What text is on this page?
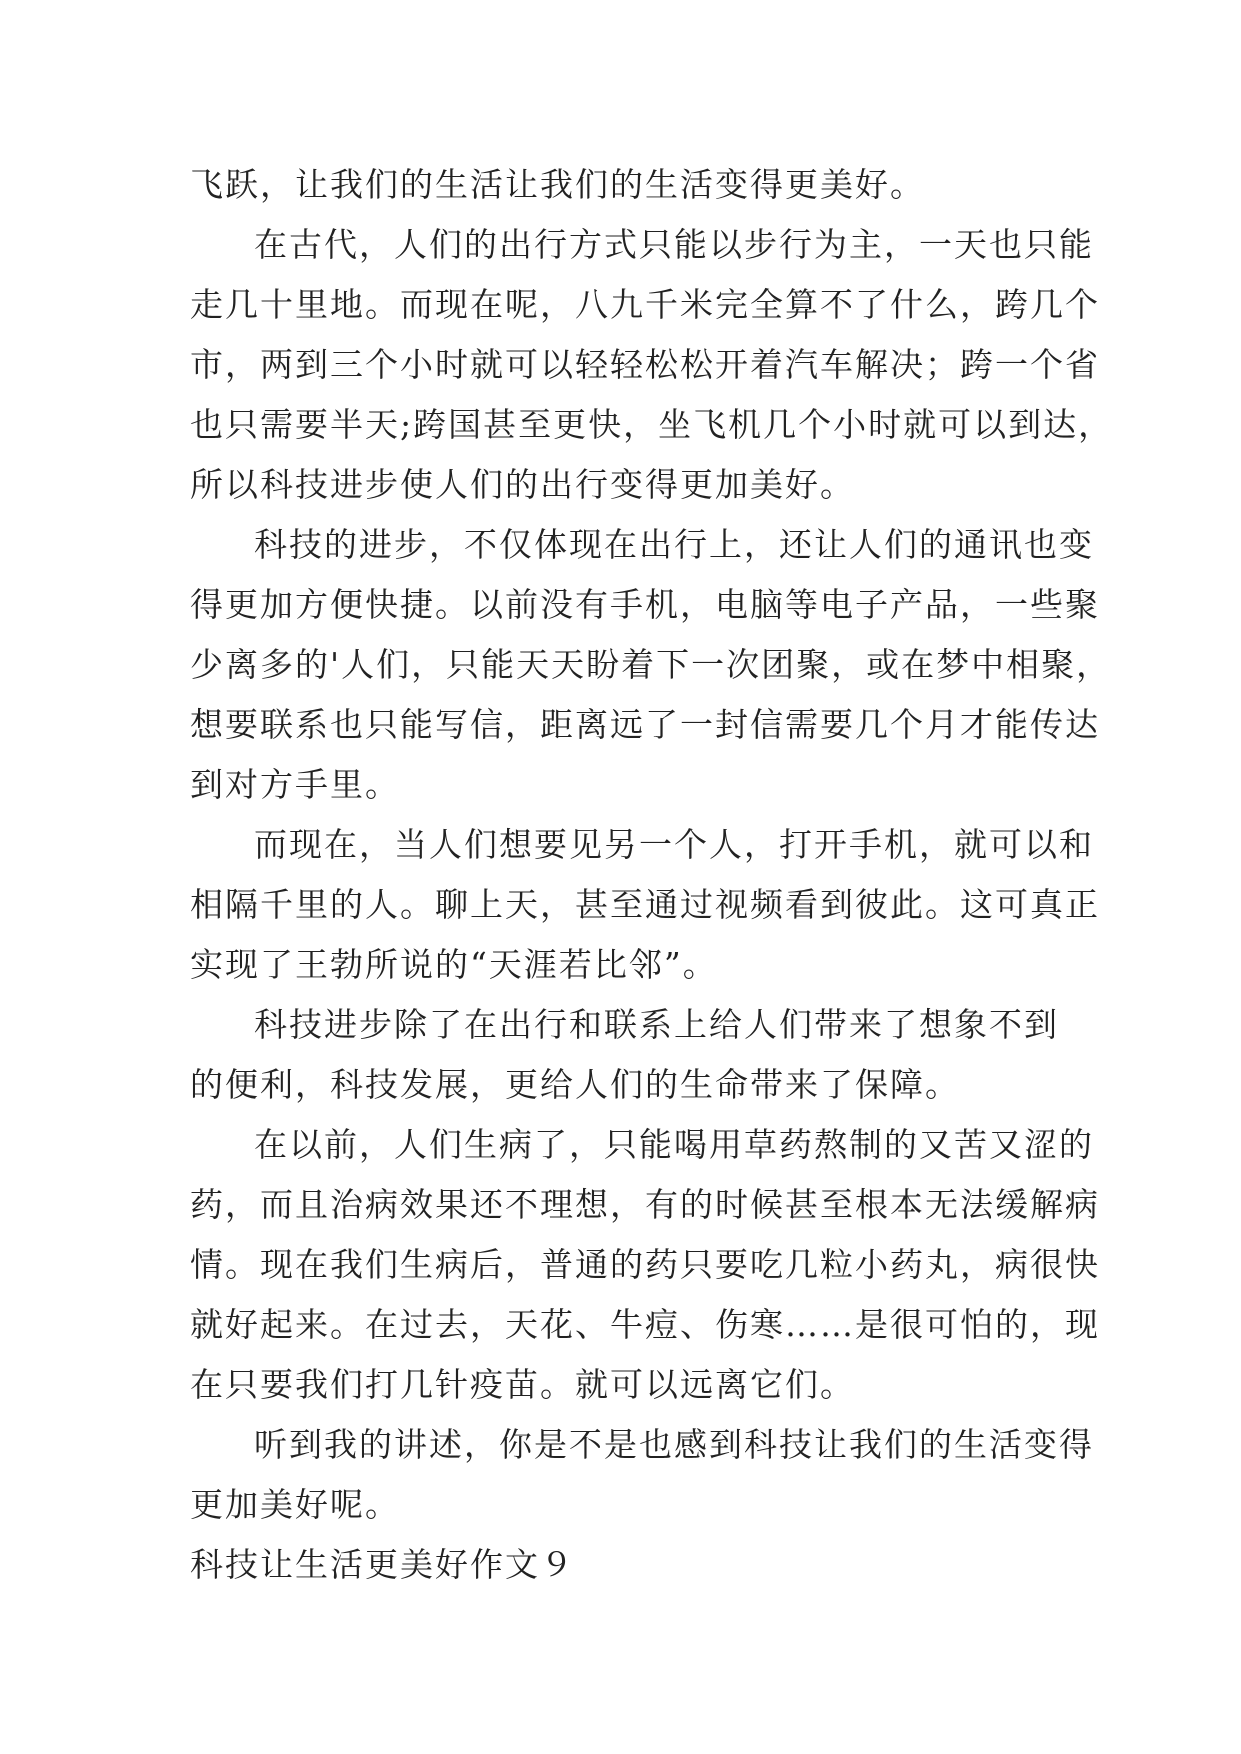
飞跃，让我们的生活让我们的生活变得更美好。
在古代，人们的出行方式只能以步行为主，一天也只能
走几十里地。而现在呢，八九千米完全算不了什么，跨几个
市，两到三个小时就可以轻轻松松开着汽车解决；跨一个省
也只需要半天;跨国甚至更快，坐飞机几个小时就可以到达，
所以科技进步使人们的出行变得更加美好。
科技的进步，不仅体现在出行上，还让人们的通讯也变
得更加方便快捷。以前没有手机，电脑等电子产品，一些聚
少离多的'人们，只能天天盼着下一次团聚，或在梦中相聚，
想要联系也只能写信，距离远了一封信需要几个月才能传达
到对方手里。
而现在，当人们想要见另一个人，打开手机，就可以和
相隔千里的人。聊上天，甚至通过视频看到彼此。这可真正
实现了王勃所说的“天涯若比邻”。
科技进步除了在出行和联系上给人们带来了想象不到
的便利，科技发展，更给人们的生命带来了保障。
在以前，人们生病了，只能喝用草药熬制的又苦又涩的
药，而且治病效果还不理想，有的时候甚至根本无法缓解病
情。现在我们生病后，普通的药只要吃几粒小药丸，病很快
就好起来。在过去，天花、牛痘、伤寒……是很可怕的，现
在只要我们打几针疫苗。就可以远离它们。
听到我的讲述，你是不是也感到科技让我们的生活变得
更加美好呢。
科技让生活更美好作文９
